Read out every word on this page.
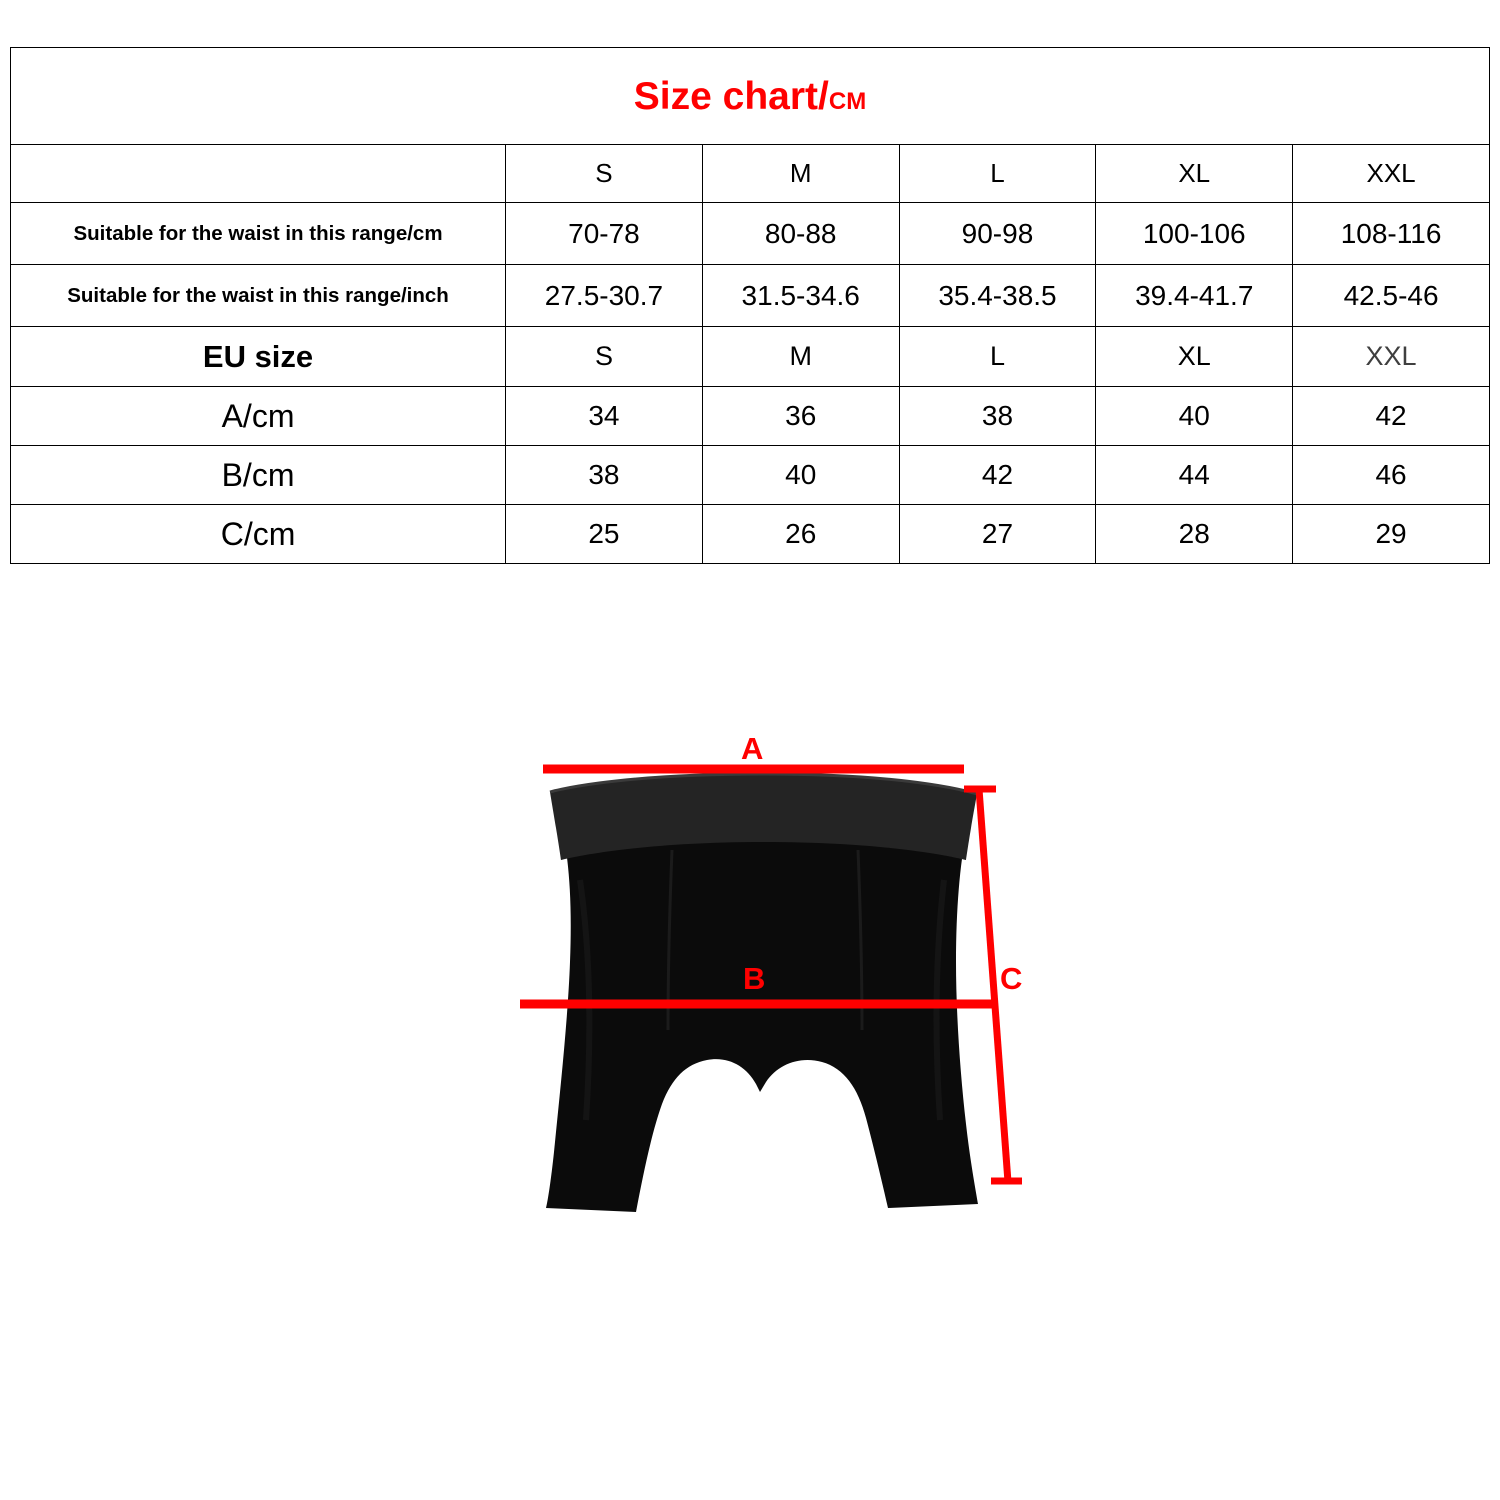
Size chart/CM					
	S	M	L	XL	XXL
Suitable for the waist in this range/cm	70-78	80-88	90-98	100-106	108-116
Suitable for the waist in this range/inch	27.5-30.7	31.5-34.6	35.4-38.5	39.4-41.7	42.5-46
EU size	S	M	L	XL	XXL
A/cm	34	36	38	40	42
B/cm	38	40	42	44	46
C/cm	25	26	27	28	29
A
B	C
